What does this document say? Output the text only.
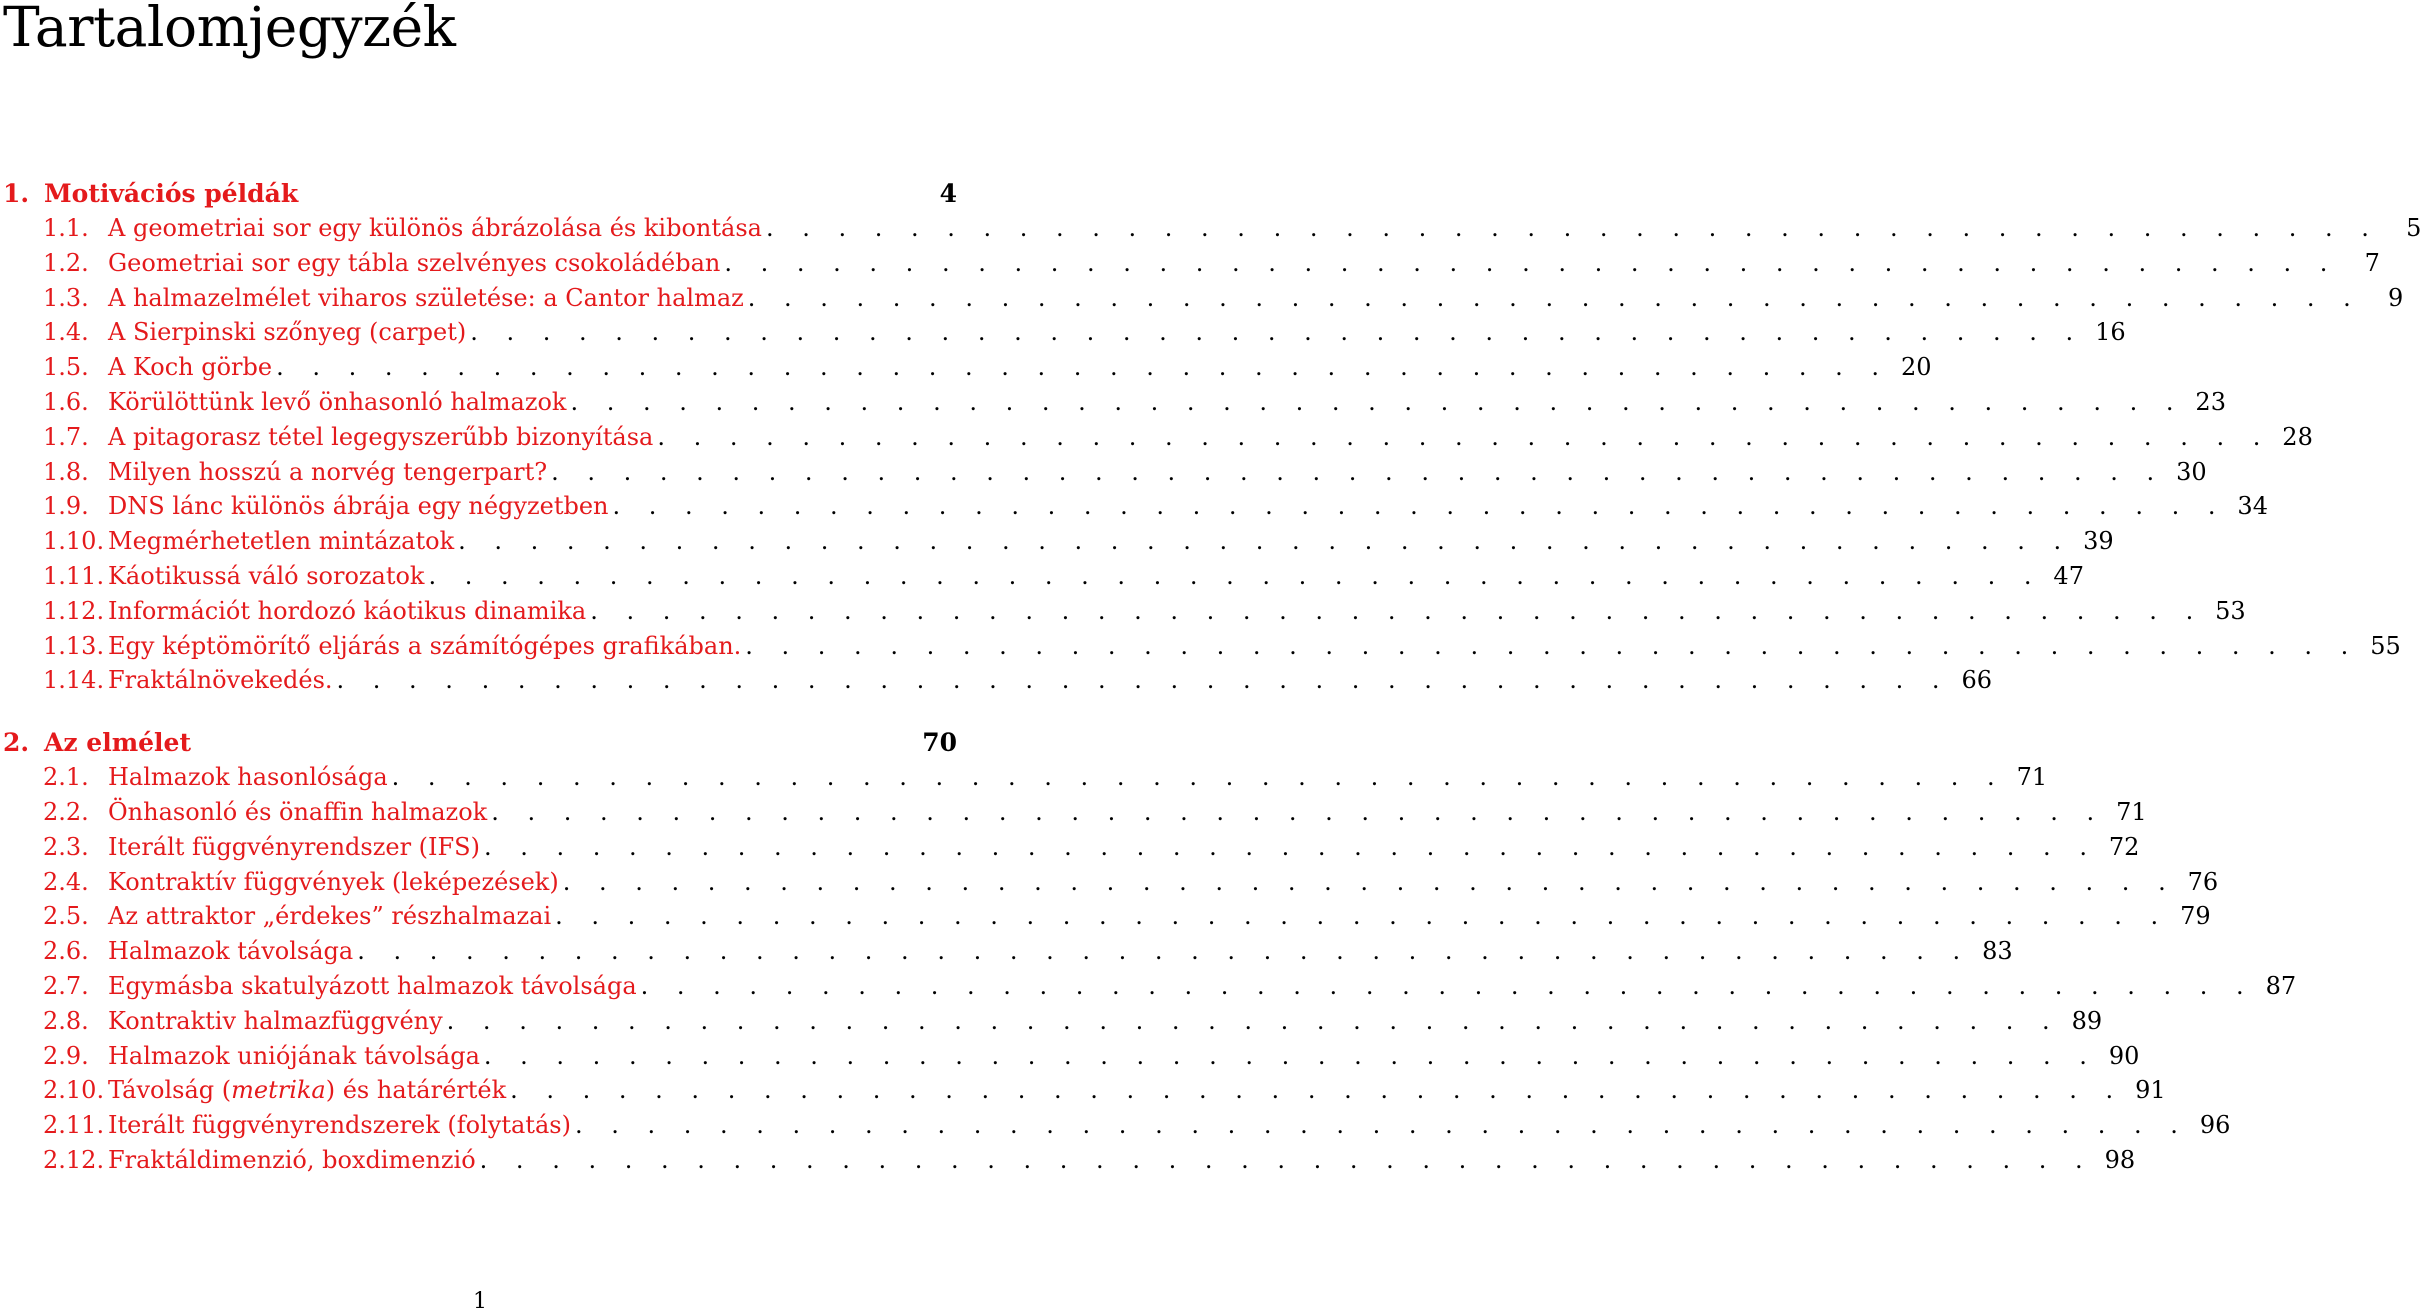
Tartalomjegyzék
1. Motivációs példák	4
1.1. A geometriai sor egy különös ábrázolása és kibontása . . . . . . . . . . . . . . . . . . . . . . . . . . . . . . . . . . . . . . . . . . . . .	5
1.2. Geometriai sor egy tábla szelvényes csokoládéban . . . . . . . . . . . . . . . . . . . . . . . . . . . . . . . . . . . . . . . . . . . . .	7
1.3. A halmazelmélet viharos születése: a Cantor halmaz . . . . . . . . . . . . . . . . . . . . . . . . . . . . . . . . . . . . . . . . . . . . .	9
1.4. A Sierpinski szőnyeg (carpet) . . . . . . . . . . . . . . . . . . . . . . . . . . . . . . . . . . . . . . . . . . . . . 16
1.5. A Koch görbe . . . . . . . . . . . . . . . . . . . . . . . . . . . . . . . . . . . . . . . . . . . . . 20
1.6. Körülöttünk levő önhasonló halmazok . . . . . . . . . . . . . . . . . . . . . . . . . . . . . . . . . . . . . . . . . . . . . 23
1.7. A pitagorasz tétel legegyszerűbb bizonyítása . . . . . . . . . . . . . . . . . . . . . . . . . . . . . . . . . . . . . . . . . . . . . 28
1.8. Milyen hosszú a norvég tengerpart? . . . . . . . . . . . . . . . . . . . . . . . . . . . . . . . . . . . . . . . . . . . . . 30
1.9. DNS lánc különös ábrája egy négyzetben . . . . . . . . . . . . . . . . . . . . . . . . . . . . . . . . . . . . . . . . . . . . . 34
1.10. Megmérhetetlen mintázatok . . . . . . . . . . . . . . . . . . . . . . . . . . . . . . . . . . . . . . . . . . . . . 39
1.11. Káotikussá váló sorozatok . . . . . . . . . . . . . . . . . . . . . . . . . . . . . . . . . . . . . . . . . . . . . 47
1.12. Információt hordozó káotikus dinamika . . . . . . . . . . . . . . . . . . . . . . . . . . . . . . . . . . . . . . . . . . . . . 53
1.13. Egy képtömörítő eljárás a számítógépes grafikában. . . . . . . . . . . . . . . . . . . . . . . . . . . . . . . . . . . . . . . . . . . . . . 55
1.14. Fraktálnövekedés. . . . . . . . . . . . . . . . . . . . . . . . . . . . . . . . . . . . . . . . . . . . . . 66
2. Az elmélet	70
2.1. Halmazok hasonlósága . . . . . . . . . . . . . . . . . . . . . . . . . . . . . . . . . . . . . . . . . . . . . 71
2.2. Önhasonló és önaffin halmazok . . . . . . . . . . . . . . . . . . . . . . . . . . . . . . . . . . . . . . . . . . . . . 71
2.3. Iterált függvényrendszer (IFS) . . . . . . . . . . . . . . . . . . . . . . . . . . . . . . . . . . . . . . . . . . . . . 72
2.4. Kontraktív függvények (leképezések) . . . . . . . . . . . . . . . . . . . . . . . . . . . . . . . . . . . . . . . . . . . . . 76
2.5. Az attraktor „érdekes” részhalmazai . . . . . . . . . . . . . . . . . . . . . . . . . . . . . . . . . . . . . . . . . . . . . 79
2.6. Halmazok távolsága . . . . . . . . . . . . . . . . . . . . . . . . . . . . . . . . . . . . . . . . . . . . . 83
2.7. Egymásba skatulyázott halmazok távolsága . . . . . . . . . . . . . . . . . . . . . . . . . . . . . . . . . . . . . . . . . . . . . 87
2.8. Kontraktiv halmazfüggvény . . . . . . . . . . . . . . . . . . . . . . . . . . . . . . . . . . . . . . . . . . . . . 89
2.9. Halmazok uniójának távolsága . . . . . . . . . . . . . . . . . . . . . . . . . . . . . . . . . . . . . . . . . . . . . 90
2.10. Távolság (metrika) és határérték . . . . . . . . . . . . . . . . . . . . . . . . . . . . . . . . . . . . . . . . . . . . . 91
2.11. Iterált függvényrendszerek (folytatás) . . . . . . . . . . . . . . . . . . . . . . . . . . . . . . . . . . . . . . . . . . . . . 96
2.12. Fraktáldimenzió, boxdimenzió . . . . . . . . . . . . . . . . . . . . . . . . . . . . . . . . . . . . . . . . . . . . . 98
1
